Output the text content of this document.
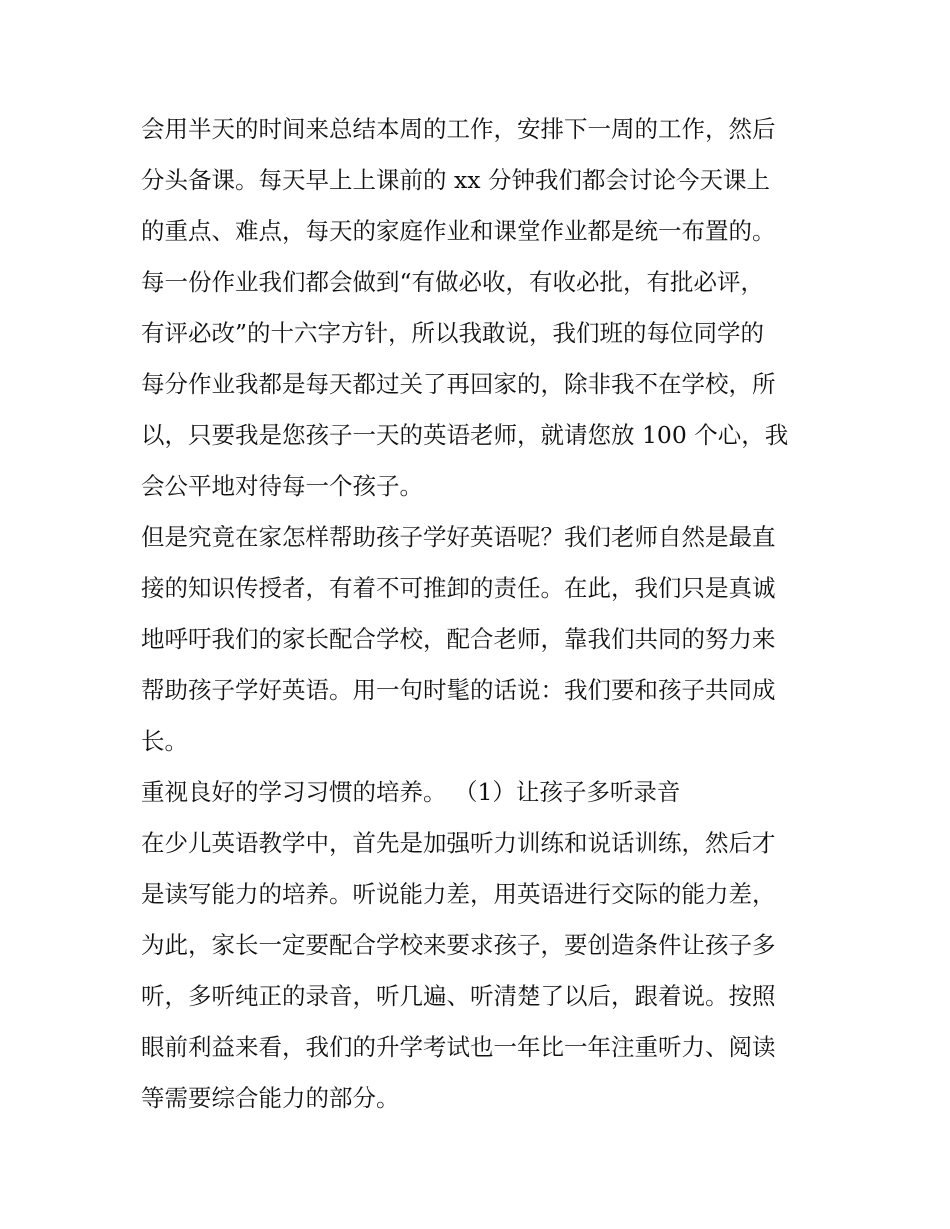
会用半天的时间来总结本周的工作，安排下一周的工作，然后
分头备课。每天早上上课前的 xx 分钟我们都会讨论今天课上
的重点、难点，每天的家庭作业和课堂作业都是统一布置的。
每一份作业我们都会做到“有做必收，有收必批，有批必评，
有评必改”的十六字方针，所以我敢说，我们班的每位同学的
每分作业我都是每天都过关了再回家的，除非我不在学校，所
以，只要我是您孩子一天的英语老师，就请您放 100 个心，我
会公平地对待每一个孩子。
但是究竟在家怎样帮助孩子学好英语呢？我们老师自然是最直
接的知识传授者，有着不可推卸的责任。在此，我们只是真诚
地呼吁我们的家长配合学校，配合老师，靠我们共同的努力来
帮助孩子学好英语。用一句时髦的话说：我们要和孩子共同成
长。
重视良好的学习习惯的培养。 （1）让孩子多听录音
在少儿英语教学中，首先是加强听力训练和说话训练，然后才
是读写能力的培养。听说能力差，用英语进行交际的能力差，
为此，家长一定要配合学校来要求孩子，要创造条件让孩子多
听，多听纯正的录音，听几遍、听清楚了以后，跟着说。按照
眼前利益来看，我们的升学考试也一年比一年注重听力、阅读
等需要综合能力的部分。
